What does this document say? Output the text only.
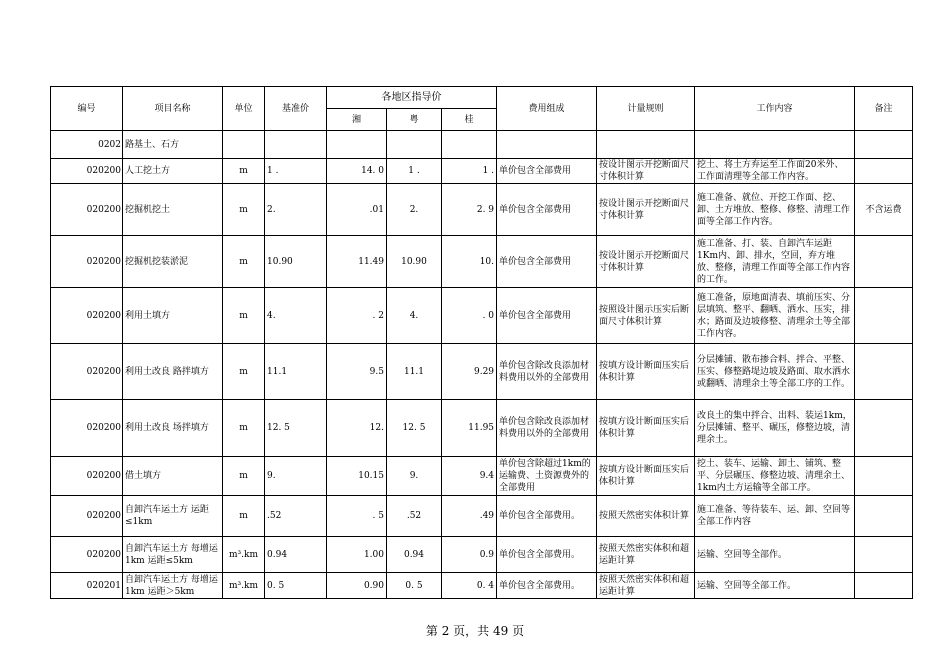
编号	项目名称	单位	基准价	各地区指导价			费用组成	计量规则	工作内容	备注
				湘	粤	桂				
0202	路基土、石方									
020200	人工挖土方	m	1 .	14. 0	1 .	1 .	单价包含全部费用	按设计图示开挖断面尺寸体积计算	挖土、将土方弃运至工作面20米外、工作面清理等全部工作内容。	
020200	挖掘机挖土	m	2.	.01	2.	2. 9	单价包含全部费用	按设计图示开挖断面尺寸体积计算	施工准备、就位、开挖工作面、挖、卸、土方堆放、整修、修整、清理工作面等全部工作内容。	不含运费
020200	挖掘机挖装淤泥	m	10.90	11.49	10.90	10.	单价包含全部费用	按设计图示开挖断面尺寸体积计算	施工准备、打、装、自卸汽车运距1Km内、卸、排水，空回，弃方堆放、整修，清理工作面等全部工作内容的工作。	
020200	利用土填方	m	4.	. 2	4.	. 0	单价包含全部费用	按照设计图示压实后断面尺寸体积计算	施工准备，原地面清表、填前压实、分层填筑、整平、翻晒、洒水、压实，排水；路面及边坡修整、清理余土等全部工作内容。	
020200	利用土改良 路拌填方	m	11.1	9.5	11.1	9.29	单价包含除改良添加材料费用以外的全部费用	按填方设计断面压实后体积计算	分层摊铺、散布掺合料、拌合、平整、压实、修整路堤边坡及路面、取水洒水或翻晒、清理余土等全部工序的工作。	
020200	利用土改良 场拌填方	m	12. 5	12.	12. 5	11.95	单价包含除改良添加材料费用以外的全部费用	按填方设计断面压实后体积计算	改良土的集中拌合、出料、装运1km，分层摊铺、整平、碾压，修整边坡，清理余土。	
020200	借土填方	m	9.	10.15	9.	9.4	单价包含除超过1km的运输费、土资源费外的全部费用	按填方设计断面压实后体积计算	挖土、装车、运输、卸土、铺筑、整平、分层碾压、修整边坡、清理余土、1km内土方运输等全部工序。	
020200	自卸汽车运土方 运距≤1km	m	.52	. 5	.52	.49	单价包含全部费用。	按照天然密实体积计算	施工准备、等待装车、运、卸、空回等全部工作内容	
020200	自卸汽车运土方 每增运1km 运距≤5km	m³.km	0.94	1.00	0.94	0.9	单价包含全部费用。	按照天然密实体积和超运距计算	运输、空回等全部作。	
020201	自卸汽车运土方 每增运1km 运距＞5km	m³.km	0. 5	0.90	0. 5	0. 4	单价包含全部费用。	按照天然密实体积和超运距计算	运输、空回等全部工作。	
第 2 页，共 49 页
